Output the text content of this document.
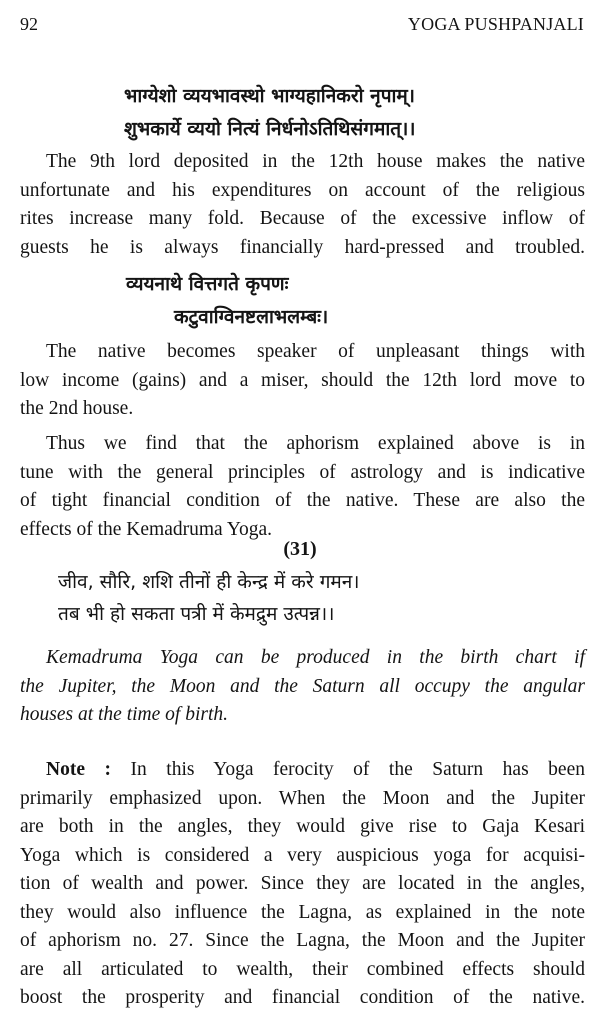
92	YOGA PUSHPANJALI
भाग्येशो व्ययभावस्थो भाग्यहानिकरो नृपाम्।
शुभकार्ये व्ययो नित्यं निर्धनोऽतिथिसंगमात्।।
The 9th lord deposited in the 12th house makes the native
unfortunate and his expenditures on account of the religious
rites increase many fold. Because of the excessive inflow of
guests he is always financially hard-pressed and troubled.
व्ययनाथे वित्तगते कृपणः
कटुवाग्विनष्टलाभलम्बः।
The native becomes speaker of unpleasant things with
low income (gains) and a miser, should the 12th lord move to
the 2nd house.
Thus we find that the aphorism explained above is in
tune with the general principles of astrology and is indicative
of tight financial condition of the native. These are also the
effects of the Kemadruma Yoga.
(31)
जीव, सौरि, शशि तीनों ही केन्द्र में करे गमन।
तब भी हो सकता पत्री में केमद्रुम उत्पन्न।।
Kemadruma Yoga can be produced in the birth chart if
the Jupiter, the Moon and the Saturn all occupy the angular
houses at the time of birth.
Note : In this Yoga ferocity of the Saturn has been
primarily emphasized upon. When the Moon and the Jupiter
are both in the angles, they would give rise to Gaja Kesari
Yoga which is considered a very auspicious yoga for acquisi-
tion of wealth and power. Since they are located in the angles,
they would also influence the Lagna, as explained in the note
of aphorism no. 27. Since the Lagna, the Moon and the Jupiter
are all articulated to wealth, their combined effects should
boost the prosperity and financial condition of the native.
